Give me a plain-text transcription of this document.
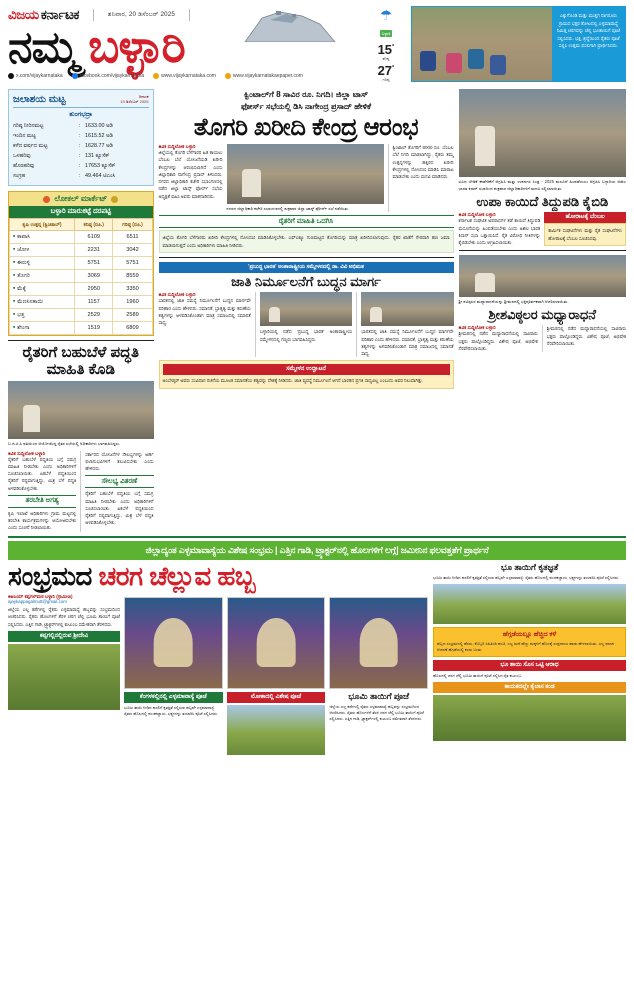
ವಿಜಯ ಕರ್ನಾಟಕ	ಶನಿವಾರ, 20 ಡಿಸೆಂಬರ್ 2025
ನಮ್ಮ ಬಳ್ಳಾರಿ
x.com/vijaykarnataka	facebook.com/vijaykarnataka	www.vijaykarnataka.com	www.vijaykarnatakaepaper.com
☂
ಬಳ್ಳಾರಿ
15°
ಕನಿಷ್ಠ
27°
ಗರಿಷ್ಠ
ಎಕ್ಕುಗೊಂಡಿ ಮತ್ತು ಮುತ್ತಗ ನಾಗನೂರು ಗ್ರಾಮದ ಭಕ್ತರ ತೋಟದಲ್ಲಿ ಎಳ್ಳಮಾವಾಸ್ಯೆ ನಿಮಿತ್ತ ಚರಗವನ್ನು ಚೆಲ್ಲಿ ಭೂತಾಯಿಗೆ ಪೂಜೆ ಸಲ್ಲಿಸಿದರು. ಭಕ್ತಿ, ಶ್ರದ್ಧೆಯಿಂದ ರೈತರು ಪೂಜೆ ಸಲ್ಲಿಸಿ ಉತ್ತಮ ಫಸಲಿಗಾಗಿ ಪ್ರಾರ್ಥಿಸಿದರು.
ಜಲಾಶಯ ಮಟ್ಟ	ದಿನಾಂಕ
19 ಡಿಸೆಂಬರ್ 2025
ತುಂಗಭದ್ರಾ
ಗರಿಷ್ಠ ನೀರಿನಮಟ್ಟ	: 1633.00 ಅಡಿ
ಇಂದಿನ ಮಟ್ಟ	: 1615.52 ಅಡಿ
ಕಳೆದ ವರ್ಷದ ಮಟ್ಟ	: 1628.77 ಅಡಿ
ಒಳಹರಿವು	: 131 ಕ್ಯೂಸೆಕ್
ಹೊರಹರಿವು	: 17653 ಕ್ಯೂಸೆಕ್
ಸಂಗ್ರಹ	: 49.464 ಟಿಎಂಸಿ
ಲೋಕಲ್ ಮಾರ್ಕೆಟ್
ಬಳ್ಳಾರಿ ಮಾರುಕಟ್ಟೆ ದರಪಟ್ಟಿ
ಕೃಷಿ ಉತ್ಪನ್ನ (ಕ್ವಿಂಟಾಲ್)	ಕನಿಷ್ಠ (ರೂ.)	ಗರಿಷ್ಠ (ರೂ.)
■ ಕಾಪಾಸಿ	6109	6511
■ ಜೋಳ	2231	3042
■ ಈರುಳ್ಳಿ	5751	5751
■ ತೊಗರಿ	3069	8559
■ ಮೆಕ್ಕೆ	2950	3350
■ ಮೆಣಸಿನಕಾಯಿ	1157	1960
■ ಭತ್ತ	2529	2589
■ ಶೇಂಗಾ	1519	6809
ರೈತರಿಗೆ ಬಹುಬೆಳೆ ಪದ್ಧತಿ ಮಾಹಿತಿ ಕೊಡಿ
ಬ.ಜಿ.ಪಿ.ಸಿ ವತಿಯಿಂದ ಆಯೋಜಿಸಿದ್ದ ರೈತರ ಸಭೆಯಲ್ಲಿ ಅಧಿಕಾರಿಗಳು ಭಾಗವಹಿಸಿದ್ದರು.
■ ವಿಕ ಸುದ್ದಿಲೋಕ ಬಳ್ಳಾರಿ
ರೈತರಿಗೆ ಬಹುಬೆಳೆ ಪದ್ಧತಿಯ ಬಗ್ಗೆ ಸಮಗ್ರ ಮಾಹಿತಿ ನೀಡಬೇಕು ಎಂದು ಅಧಿಕಾರಿಗಳಿಗೆ ಸೂಚಿಸಲಾಯಿತು. ಏಕಬೆಳೆ ಪದ್ಧತಿಯಿಂದ ರೈತರಿಗೆ ನಷ್ಟವಾಗುತ್ತಿದ್ದು, ಮಿಶ್ರ ಬೆಳೆ ಪದ್ಧತಿ ಅಳವಡಿಸಿಕೊಳ್ಳಬೇಕು.
ತರಬೇತಿ ಅಗತ್ಯ
ಕೃಷಿ ಇಲಾಖೆ ಅಧಿಕಾರಿಗಳು ಗ್ರಾಮ ಮಟ್ಟದಲ್ಲಿ ತರಬೇತಿ ಕಾರ್ಯಕ್ರಮಗಳನ್ನು ಆಯೋಜಿಸಬೇಕು ಎಂದು ಸೂಚನೆ ನೀಡಲಾಯಿತು.
ಸರ್ಕಾರದ ಯೋಜನೆಗಳ ಸೌಲಭ್ಯಗಳನ್ನು ಅರ್ಹ ಫಲಾನುಭವಿಗಳಿಗೆ ತಲುಪಿಸಬೇಕು ಎಂದು ಹೇಳಿದರು.
ಸೌಲಭ್ಯ ವಿತರಣೆ
ರೈತರಿಗೆ ಬಹುಬೆಳೆ ಪದ್ಧತಿಯ ಬಗ್ಗೆ ಸಮಗ್ರ ಮಾಹಿತಿ ನೀಡಬೇಕು ಎಂದು ಅಧಿಕಾರಿಗಳಿಗೆ ಸೂಚಿಸಲಾಯಿತು. ಏಕಬೆಳೆ ಪದ್ಧತಿಯಿಂದ ರೈತರಿಗೆ ನಷ್ಟವಾಗುತ್ತಿದ್ದು, ಮಿಶ್ರ ಬೆಳೆ ಪದ್ಧತಿ ಅಳವಡಿಸಿಕೊಳ್ಳಬೇಕು.
ಕ್ವಿಂಟಾಲ್‌ಗೆ 8 ಸಾವಿರ ರೂ. ನಿಗದಿ। ಜಿಲ್ಲಾ ಟಾಸ್
ಫೋರ್ಸ್ ಸಭೆಯಲ್ಲಿ ಡಿಸಿ ನಾಗೇಂದ್ರ ಪ್ರಸಾದ್ ಹೇಳಿಕೆ
ತೊಗರಿ ಖರೀದಿ ಕೇಂದ್ರ ಆರಂಭ
■ ವಿಕ ಸುದ್ದಿಲೋಕ ಬಳ್ಳಾರಿ
ಜಿಲ್ಲೆಯಲ್ಲಿ ತೊಗರಿ ಬೆಳೆಗಾರರ ಹಿತ ಕಾಯಲು ಬೆಂಬಲ ಬೆಲೆ ಯೋಜನೆಯಡಿ ಖರೀದಿ ಕೇಂದ್ರಗಳನ್ನು ಆರಂಭಿಸಲಾಗಿದೆ ಎಂದು ಜಿಲ್ಲಾಧಿಕಾರಿ ನಾಗೇಂದ್ರ ಪ್ರಸಾದ್ ತಿಳಿಸಿದರು. ನಗರದ ಜಿಲ್ಲಾಧಿಕಾರಿ ಕಚೇರಿ ಸಭಾಂಗಣದಲ್ಲಿ ನಡೆದ ಜಿಲ್ಲಾ ಟಾಸ್ಕ್ ಫೋರ್ಸ್ ಸಭೆಯ ಅಧ್ಯಕ್ಷತೆ ವಹಿಸಿ ಅವರು ಮಾತನಾಡಿದರು.
ನಗರದ ಜಿಲ್ಲಾಧಿಕಾರಿ ಕಚೇರಿ ಸಭಾಂಗಣದಲ್ಲಿ ಶುಕ್ರವಾರ ಜಿಲ್ಲಾ ಟಾಸ್ಕ್ ಫೋರ್ಸ್ ಸಭೆ ನಡೆಯಿತು.
ಕ್ವಿಂಟಾಲ್ ತೊಗರಿಗೆ 8000 ರೂ. ಬೆಂಬಲ ಬೆಲೆ ನಿಗದಿ ಮಾಡಲಾಗಿದ್ದು, ರೈತರು ತಮ್ಮ ಉತ್ಪನ್ನಗಳನ್ನು ಹತ್ತಿರದ ಖರೀದಿ ಕೇಂದ್ರಗಳಲ್ಲಿ ನೋಂದಣಿ ಮಾಡಿಸಿ ಮಾರಾಟ ಮಾಡಬೇಕು ಎಂದು ಮನವಿ ಮಾಡಿದರು.
ರೈತರಿಗೆ ಮಾಹಿತಿ ಒದಗಿಸಿ
ಜಿಲ್ಲೆಯ ತೊಗರಿ ಬೆಳೆಗಾರರು ಖರೀದಿ ಕೇಂದ್ರಗಳಲ್ಲಿ ನೋಂದಣಿ ಮಾಡಿಸಿಕೊಳ್ಳಬೇಕು. ಎಫ್‌ಎಕ್ಯೂ ಗುಣಮಟ್ಟದ ತೊಗರಿಯನ್ನು ಮಾತ್ರ ಖರೀದಿಸಲಾಗುವುದು. ರೈತರ ಖಾತೆಗೆ ನೇರವಾಗಿ ಹಣ ಜಮಾ ಮಾಡಲಾಗುತ್ತದೆ ಎಂದು ಅಧಿಕಾರಿಗಳು ಮಾಹಿತಿ ನೀಡಿದರು.
'ಪ್ರಬುದ್ಧ ಭಾರತ' ಅಂತಾರಾಷ್ಟ್ರೀಯ ಸಮ್ಮೇಳನದಲ್ಲಿ ಡಾ. ವಿವಿ ಅಭಿಮತ
ಜಾತಿ ನಿರ್ಮೂಲನೆಗೆ ಬುದ್ಧನ ಮಾರ್ಗ
■ ವಿಕ ಸುದ್ದಿಲೋಕ ಬಳ್ಳಾರಿ
ಭಾರತದಲ್ಲಿ ಜಾತಿ ಸಮಸ್ಯೆ ನಿರ್ಮೂಲನೆಗೆ ಬುದ್ಧನ ಮಾರ್ಗವೇ ಪರಿಹಾರ ಎಂದು ಹೇಳಿದರು. ಸಮಾನತೆ, ಭ್ರಾತೃತ್ವ ಮತ್ತು ಕರುಣೆಯ ತತ್ವಗಳನ್ನು ಅಳವಡಿಸಿಕೊಂಡಾಗ ಮಾತ್ರ ಸಮಾಜದಲ್ಲಿ ಸಮಾನತೆ ಸಾಧ್ಯ.
ಬಳ್ಳಾರಿಯಲ್ಲಿ ನಡೆದ 'ಪ್ರಬುದ್ಧ ಭಾರತ' ಅಂತಾರಾಷ್ಟ್ರೀಯ ಸಮ್ಮೇಳನದಲ್ಲಿ ಗಣ್ಯರು ಭಾಗವಹಿಸಿದ್ದರು.
ಭಾರತದಲ್ಲಿ ಜಾತಿ ಸಮಸ್ಯೆ ನಿರ್ಮೂಲನೆಗೆ ಬುದ್ಧನ ಮಾರ್ಗವೇ ಪರಿಹಾರ ಎಂದು ಹೇಳಿದರು. ಸಮಾನತೆ, ಭ್ರಾತೃತ್ವ ಮತ್ತು ಕರುಣೆಯ ತತ್ವಗಳನ್ನು ಅಳವಡಿಸಿಕೊಂಡಾಗ ಮಾತ್ರ ಸಮಾಜದಲ್ಲಿ ಸಮಾನತೆ ಸಾಧ್ಯ.
ಸಮ್ಮೇಳನ ಉದ್ಘಾಟನೆ
ಅಂಬೇಡ್ಕರ್ ಅವರು ಸಂವಿಧಾನ ರಚನೆಯ ಮೂಲಕ ಸಮಾನತೆಯ ತತ್ವವನ್ನು ದೇಶಕ್ಕೆ ನೀಡಿದರು. ಜಾತಿ ವ್ಯವಸ್ಥೆ ನಿರ್ಮೂಲನೆ ಆಗದೆ ಭಾರತದ ಪ್ರಗತಿ ಸಾಧ್ಯವಿಲ್ಲ ಎಂಬುದು ಅವರ ನಿಲುವಾಗಿತ್ತು.
ವಿವಿಧ ಬೇಡಿಕೆ ಈಡೇರಿಕೆಗೆ ಆಗ್ರಹಿಸಿ ಮತ್ತು ಉಪನಗರ ಸಿಂಡ್ರ - 2025 ಮಸೂದೆ ಹಿಂಪಡೆಯಲು ಆಗ್ರಹಿಸಿ ಬಳ್ಳಾರಿಯ ಅಖಿಲ ಭಾರತ ಕಿಸಾನ್ ಸಭಾದಿಂದ ಶುಕ್ರವಾರ ಜಿಲ್ಲಾಧಿಕಾರಿಗಳಿಗೆ ಮನವಿ ಸಲ್ಲಿಸಲಾಯಿತು.
ಉಪಾ ಕಾಯಿದೆ ತಿದ್ದುಪಡಿ ಕೈಬಿಡಿ
■ ವಿಕ ಸುದ್ದಿಲೋಕ ಬಳ್ಳಾರಿ
ಕರ್ನಾಟಕ ಸಂಘಟಿತ ಅಪರಾಧಗಳ ತಡೆ ಕಾಯಿದೆ ತಿದ್ದುಪಡಿ ಮಸೂದೆಯನ್ನು ಹಿಂಪಡೆಯಬೇಕು ಎಂದು ಅಖಿಲ ಭಾರತ ಕಿಸಾನ್ ಸಭಾ ಒತ್ತಾಯಿಸಿದೆ. ರೈತ ವಿರೋಧಿ ನೀತಿಗಳನ್ನು ಕೈಬಿಡಬೇಕು ಎಂದು ಆಗ್ರಹಿಸಲಾಯಿತು.
ಹೋರಾಟಕ್ಕೆ ಬೆಂಬಲ
ಕಾರ್ಮಿಕ ಸಂಘಟನೆಗಳು ಮತ್ತು ರೈತ ಸಂಘಟನೆಗಳು ಹೋರಾಟಕ್ಕೆ ಬೆಂಬಲ ಸೂಚಿಸಿದವು.
ಶ್ರೀ ಶವಿಠ್ಠಲರ ಮಧ್ಯಾರಾಧನೆಯನ್ನು ಶ್ರೀಮಠದಲ್ಲಿ ಭಕ್ತಿಪೂರ್ವಕವಾಗಿ ಆಚರಿಸಲಾಯಿತು.
ಶ್ರೀಶವಿಠ್ಠಲರ ಮಧ್ಯಾರಾಧನೆ
■ ವಿಕ ಸುದ್ದಿಲೋಕ ಬಳ್ಳಾರಿ
ಶ್ರೀಮಠದಲ್ಲಿ ನಡೆದ ಮಧ್ಯಾರಾಧನೆಯಲ್ಲಿ ಸಾವಿರಾರು ಭಕ್ತರು ಪಾಲ್ಗೊಂಡಿದ್ದರು. ವಿಶೇಷ ಪೂಜೆ, ಅಭಿಷೇಕ ನೆರವೇರಿಸಲಾಯಿತು.
ಶ್ರೀಮಠದಲ್ಲಿ ನಡೆದ ಮಧ್ಯಾರಾಧನೆಯಲ್ಲಿ ಸಾವಿರಾರು ಭಕ್ತರು ಪಾಲ್ಗೊಂಡಿದ್ದರು. ವಿಶೇಷ ಪೂಜೆ, ಅಭಿಷೇಕ ನೆರವೇರಿಸಲಾಯಿತು.
ಜಿಲ್ಲಾದ್ಯಂತ ಎಳ್ಳಮಾವಾಸ್ಯೆಯ ವಿಶೇಷ ಸಂಭ್ರಮ | ಎತ್ತಿನ ಗಾಡಿ, ಟ್ರ್ಯಾಕ್ಟರ್‌ನಲ್ಲಿ ಹೊಲಗಳಿಗೆ ಲಗ್ಗೆ| ಜಮೀನಿನ ಫಲವತ್ತತೆಗೆ ಪ್ರಾರ್ಥನೆ
ಸಂಭ್ರಮದ ಚರಗ ಚೆಲ್ಲುವ ಹಬ್ಬ
■ ಅಜಯ್ ಕಪ್ಪಗಲ್‌ಮಠ ಬಳ್ಳಾರಿ (ಗ್ರಾಮೀಣ)
ajaykappagalmutt@gmail.com
ಜಿಲ್ಲೆಯ ಎಲ್ಲ ಕಡೆಗಳಲ್ಲಿ ರೈತರು ಎಳ್ಳಮಾವಾಸ್ಯೆ ಹಬ್ಬವನ್ನು ಸಂಭ್ರಮದಿಂದ ಆಚರಿಸಿದರು. ರೈತರು ಹೊಲಗಳಿಗೆ ತೆರಳಿ ಚರಗ ಚೆಲ್ಲಿ ಭೂಮಿ ತಾಯಿಗೆ ಪೂಜೆ ಸಲ್ಲಿಸಿದರು. ಎತ್ತಿನ ಗಾಡಿ, ಟ್ರ್ಯಾಕ್ಟರ್‌ಗಳಲ್ಲಿ ಕುಟುಂಬ ಸಮೇತರಾಗಿ ತೆರಳಿದರು.
ಕಪ್ಪಗಲ್ಲಿನಲ್ಲಿರುವ ಶ್ರೀದೇವಿ
ಕೆಂಗಳಕಲ್ಲಿನಲ್ಲಿ ಎಳ್ಳಮಾವಾಸ್ಯೆ ಪೂಜೆ
ಭೂಮಿ ತಾಯಿ ನೀಡಿದ ಫಸಲಿಗೆ ಕೃತಜ್ಞತೆ ಸಲ್ಲಿಸುವ ಹಬ್ಬವೇ ಎಳ್ಳಮಾವಾಸ್ಯೆ. ರೈತರು ಹೊಲದಲ್ಲಿ ಪಂಚಕಜ್ಜಾಯ, ಭಕ್ಷ್ಯಗಳನ್ನು ತಯಾರಿಸಿ ಪೂಜೆ ಸಲ್ಲಿಸಿದರು.
ಮೋಕಾದಲ್ಲಿ ವಿಶೇಷ ಪೂಜೆ	ಭೂಮಿ ತಾಯಿಗೆ ಪೂಜೆ
ಜಿಲ್ಲೆಯ ಎಲ್ಲ ಕಡೆಗಳಲ್ಲಿ ರೈತರು ಎಳ್ಳಮಾವಾಸ್ಯೆ ಹಬ್ಬವನ್ನು ಸಂಭ್ರಮದಿಂದ ಆಚರಿಸಿದರು. ರೈತರು ಹೊಲಗಳಿಗೆ ತೆರಳಿ ಚರಗ ಚೆಲ್ಲಿ ಭೂಮಿ ತಾಯಿಗೆ ಪೂಜೆ ಸಲ್ಲಿಸಿದರು. ಎತ್ತಿನ ಗಾಡಿ, ಟ್ರ್ಯಾಕ್ಟರ್‌ಗಳಲ್ಲಿ ಕುಟುಂಬ ಸಮೇತರಾಗಿ ತೆರಳಿದರು.
ಭೂ ತಾಯಿಗೆ ಕೃತಜ್ಞತೆ
ಭೂಮಿ ತಾಯಿ ನೀಡಿದ ಫಸಲಿಗೆ ಕೃತಜ್ಞತೆ ಸಲ್ಲಿಸುವ ಹಬ್ಬವೇ ಎಳ್ಳಮಾವಾಸ್ಯೆ. ರೈತರು ಹೊಲದಲ್ಲಿ ಪಂಚಕಜ್ಜಾಯ, ಭಕ್ಷ್ಯಗಳನ್ನು ತಯಾರಿಸಿ ಪೂಜೆ ಸಲ್ಲಿಸಿದರು.
ಹೆಗ್ಗಡೆಯಲ್ಲೂ ಹೆಚ್ಚಿದ ಕಳೆ
ಹಬ್ಬದ ಸಂಭ್ರಮದಲ್ಲಿ ಹೆಸರು, ಕೊಬ್ಬರಿ ಸಿಹಿತಿಂಡಿ ಹಂಚಿ, ಎಲ್ಲ ಮನೆ ಹೆಣ್ಣು ಮಕ್ಕಳಿಗೆ ಹೊಲಕ್ಕೆ ಸಂಪ್ರದಾಯ ಹಾಡು ಹೇಳಲಾಯಿತು. ಎಲ್ಲ ಫಲಾನ ಆಚರಣೆ ಹೆಗ್ಗಡೆಯಲ್ಲಿ ಕಂಡು ಬಂತು.
ಭೂ ತಾಯಿ ಸೊಸ ಒಟ್ಟಿ ಆರಾಧ
ಹೊಲದಲ್ಲಿ ಚರಗ ಚೆಲ್ಲಿ ಭೂಮಿ ತಾಯಿಗೆ ಪೂಜೆ ಸಲ್ಲಿಸಿದ ರೈತ ಕುಟುಂಬ.
ಕಾಯಕದಲ್ಲೇ ಕೈಲಾಸ ಕಂಡ
